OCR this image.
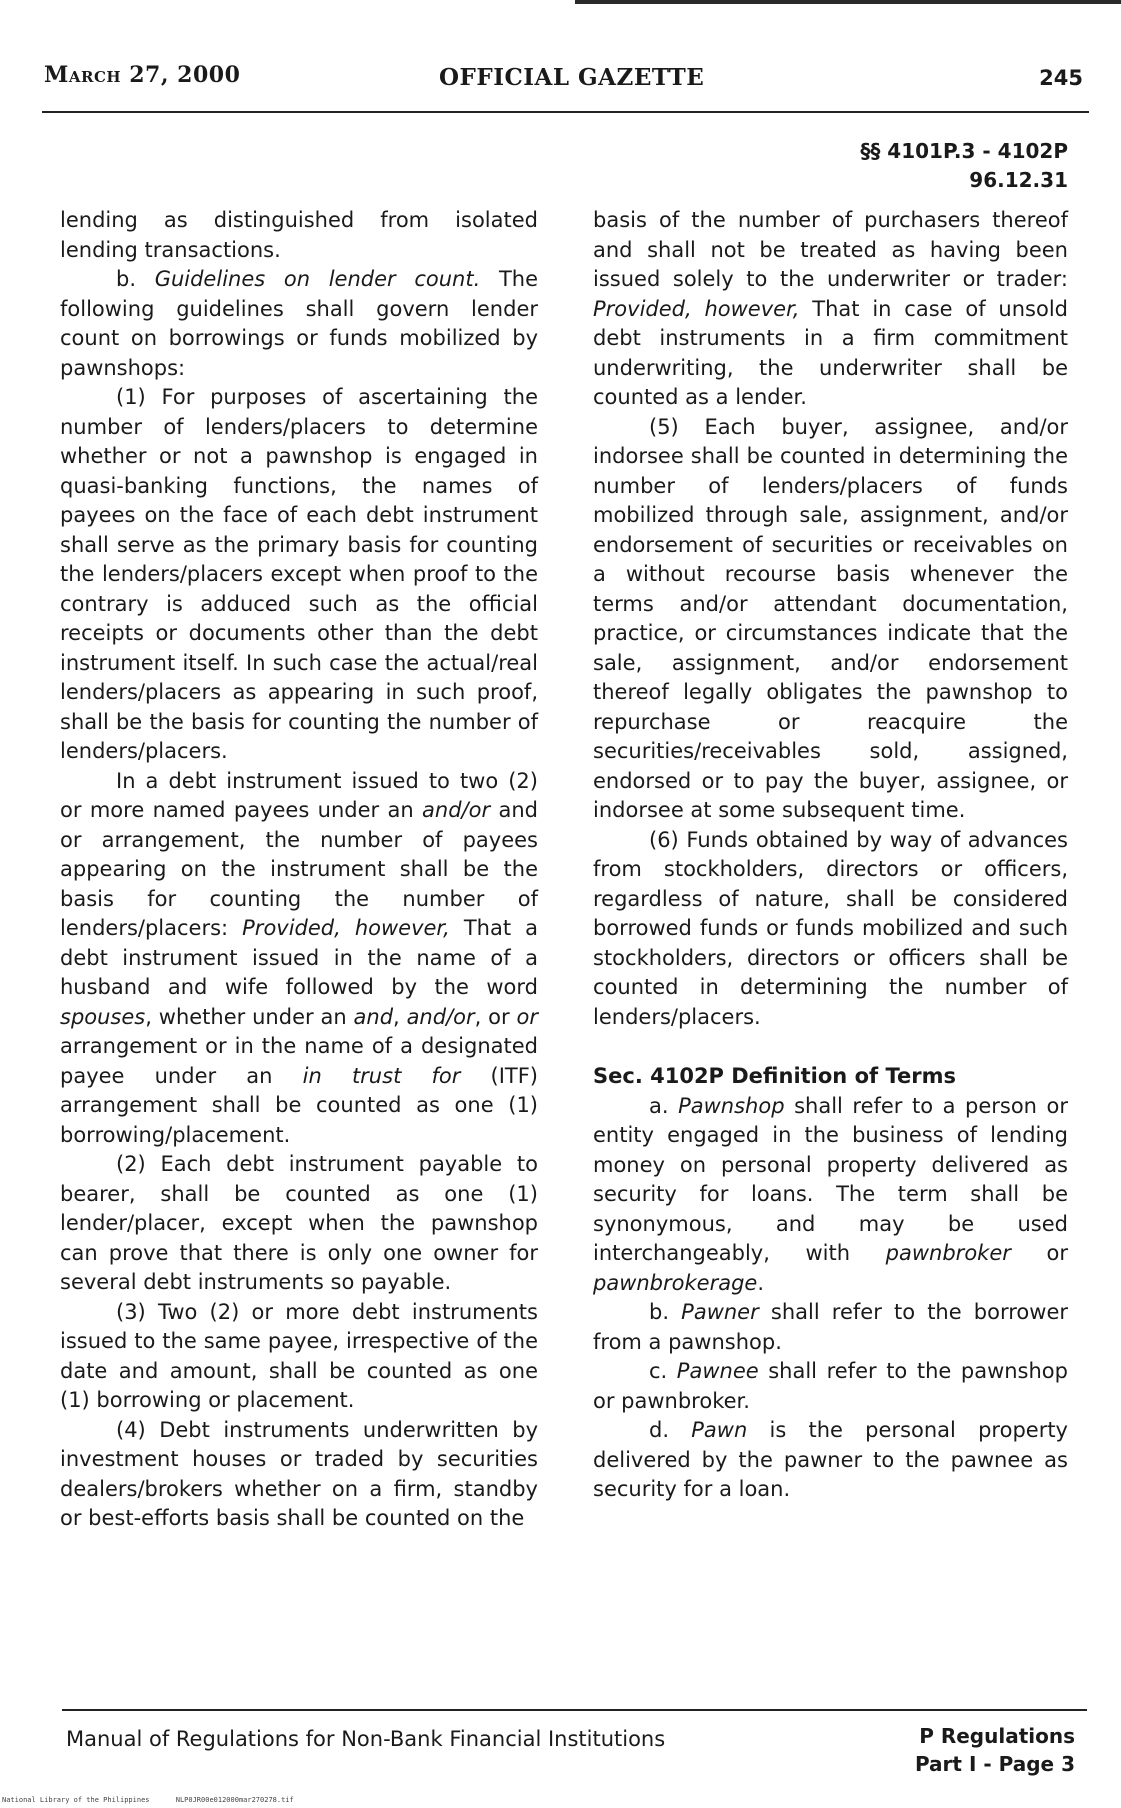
March 27, 2000	OFFICIAL GAZETTE	245
§§ 4101P.3 - 4102P
96.12.31

lending as distinguished from isolated lending transactions.

b. Guidelines on lender count. The following guidelines shall govern lender count on borrowings or funds mobilized by pawnshops:

(1) For purposes of ascertaining the number of lenders/placers to determine whether or not a pawnshop is engaged in quasi-banking functions, the names of payees on the face of each debt instrument shall serve as the primary basis for counting the lenders/placers except when proof to the contrary is adduced such as the official receipts or documents other than the debt instrument itself. In such case the actual/real lenders/placers as appearing in such proof, shall be the basis for counting the number of lenders/placers.

In a debt instrument issued to two (2) or more named payees under an and/or and or arrangement, the number of payees appearing on the instrument shall be the basis for counting the number of lenders/placers: Provided, however, That a debt instrument issued in the name of a husband and wife followed by the word spouses, whether under an and, and/or, or or arrangement or in the name of a designated payee under an in trust for (ITF) arrangement shall be counted as one (1) borrowing/placement.

(2) Each debt instrument payable to bearer, shall be counted as one (1) lender/placer, except when the pawnshop can prove that there is only one owner for several debt instruments so payable.

(3) Two (2) or more debt instruments issued to the same payee, irrespective of the date and amount, shall be counted as one (1) borrowing or placement.

(4) Debt instruments underwritten by investment houses or traded by securities dealers/brokers whether on a firm, standby or best-efforts basis shall be counted on the

basis of the number of purchasers thereof and shall not be treated as having been issued solely to the underwriter or trader: Provided, however, That in case of unsold debt instruments in a firm commitment underwriting, the underwriter shall be counted as a lender.

(5) Each buyer, assignee, and/or indorsee shall be counted in determining the number of lenders/placers of funds mobilized through sale, assignment, and/or endorsement of securities or receivables on a without recourse basis whenever the terms and/or attendant documentation, practice, or circumstances indicate that the sale, assignment, and/or endorsement thereof legally obligates the pawnshop to repurchase or reacquire the securities/receivables sold, assigned, endorsed or to pay the buyer, assignee, or indorsee at some subsequent time.

(6) Funds obtained by way of advances from stockholders, directors or officers, regardless of nature, shall be considered borrowed funds or funds mobilized and such stockholders, directors or officers shall be counted in determining the number of lenders/placers.

Sec. 4102P Definition of Terms

a. Pawnshop shall refer to a person or entity engaged in the business of lending money on personal property delivered as security for loans. The term shall be synonymous, and may be used interchangeably, with pawnbroker or pawnbrokerage.

b. Pawner shall refer to the borrower from a pawnshop.

c. Pawnee shall refer to the pawnshop or pawnbroker.

d. Pawn is the personal property delivered by the pawner to the pawnee as security for a loan.

Manual of Regulations for Non-Bank Financial Institutions	P Regulations
Part I - Page 3
National Library of the Philippines	NLP0JR00e012000mar270278.tif
